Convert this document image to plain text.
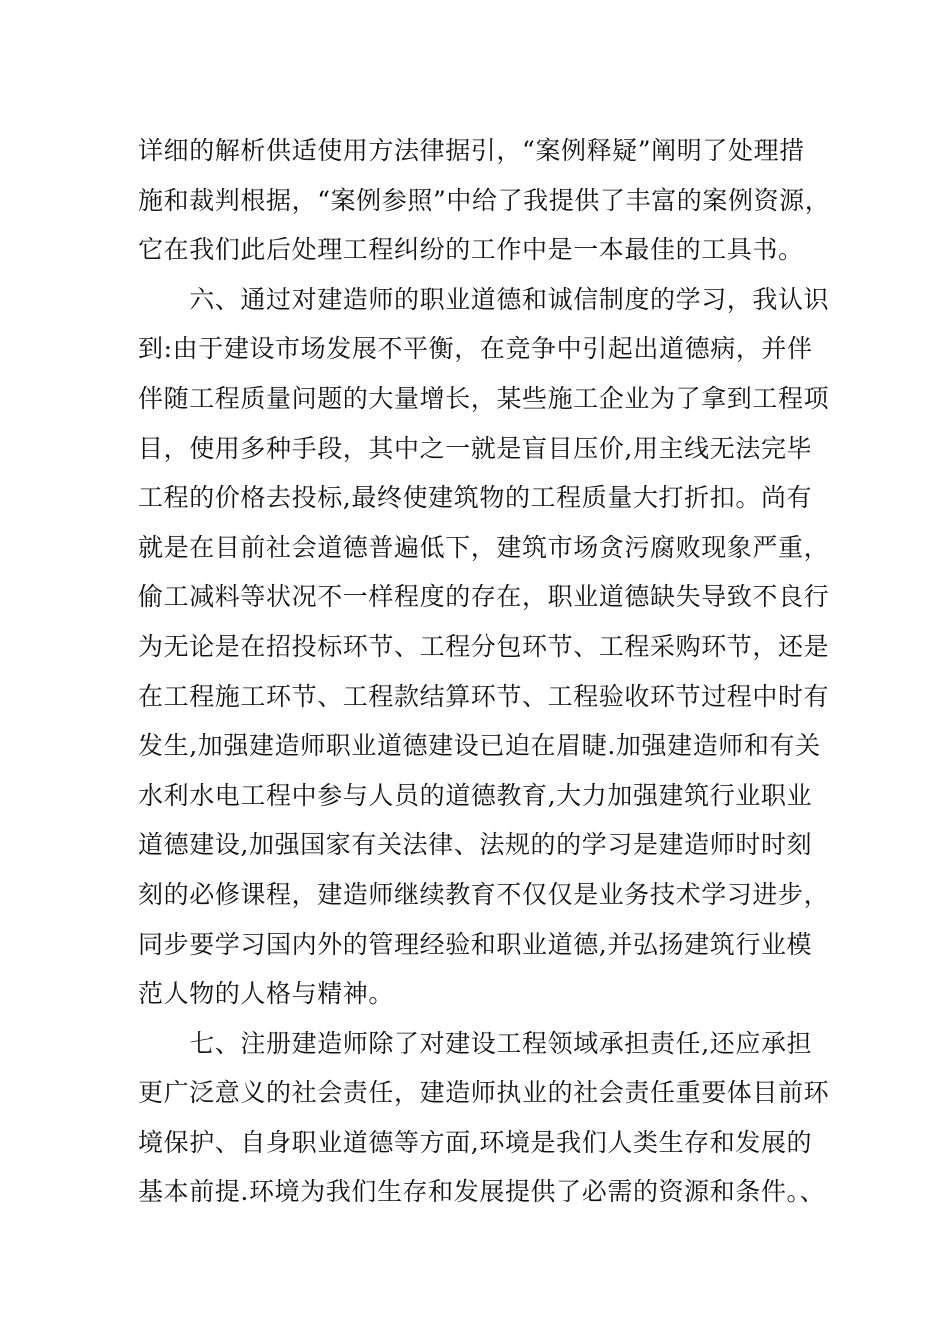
详细的解析供适使用方法律据引，“案例释疑”阐明了处理措
施和裁判根据，“案例参照”中给了我提供了丰富的案例资源，
它在我们此后处理工程纠纷的工作中是一本最佳的工具书。
　　六、通过对建造师的职业道德和诚信制度的学习，我认识
到:由于建设市场发展不平衡，在竞争中引起出道德病，并伴
伴随工程质量问题的大量增长，某些施工企业为了拿到工程项
目，使用多种手段，其中之一就是盲目压价,用主线无法完毕
工程的价格去投标,最终使建筑物的工程质量大打折扣。尚有
就是在目前社会道德普遍低下，建筑市场贪污腐败现象严重，
偷工减料等状况不一样程度的存在，职业道德缺失导致不良行
为无论是在招投标环节、工程分包环节、工程采购环节，还是
在工程施工环节、工程款结算环节、工程验收环节过程中时有
发生,加强建造师职业道德建设已迫在眉睫.加强建造师和有关
水利水电工程中参与人员的道德教育,大力加强建筑行业职业
道德建设,加强国家有关法律、法规的的学习是建造师时时刻
刻的必修课程，建造师继续教育不仅仅是业务技术学习进步，
同步要学习国内外的管理经验和职业道德,并弘扬建筑行业模
范人物的人格与精神。
　　七、注册建造师除了对建设工程领域承担责任,还应承担
更广泛意义的社会责任，建造师执业的社会责任重要体目前环
境保护、自身职业道德等方面,环境是我们人类生存和发展的
基本前提.环境为我们生存和发展提供了必需的资源和条件。、
